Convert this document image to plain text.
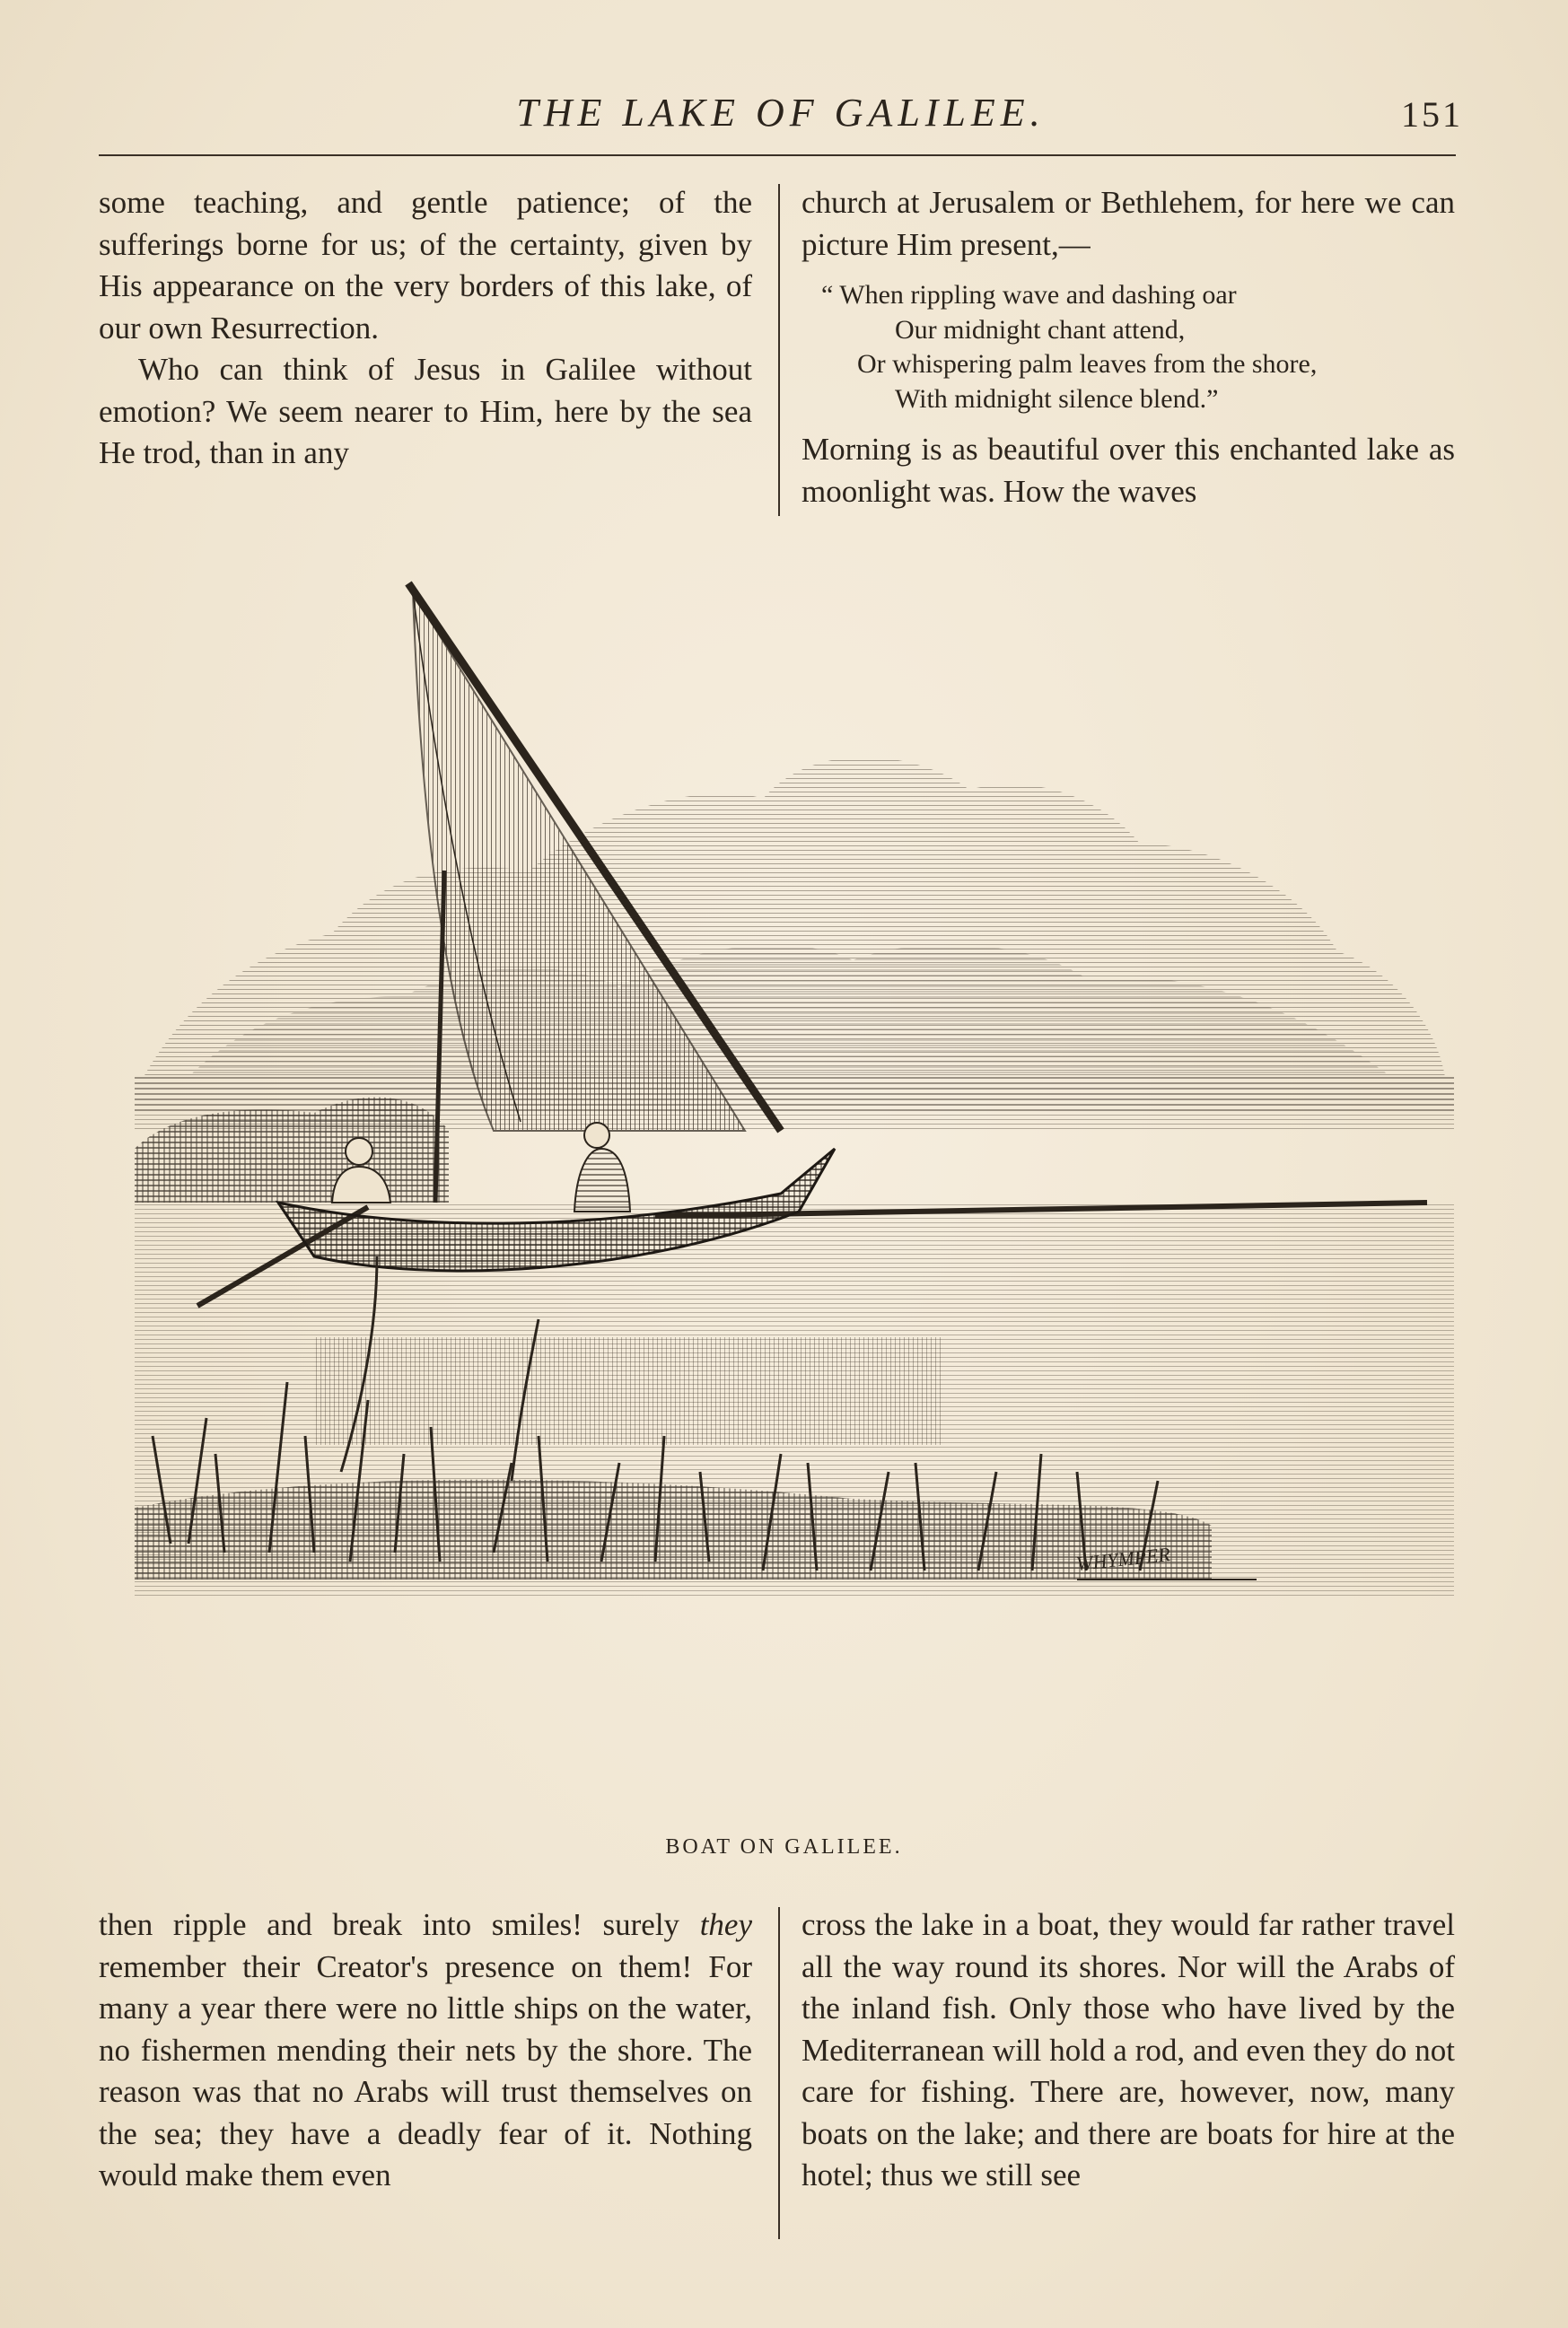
THE LAKE OF GALILEE.	151

some teaching, and gentle patience; of the sufferings borne for us; of the certainty, given by His appearance on the very borders of this lake, of our own Resurrection.

Who can think of Jesus in Galilee without emotion? We seem nearer to Him, here by the sea He trod, than in any

church at Jerusalem or Bethlehem, for here we can picture Him present,—

“ When rippling wave and dashing oar
Our midnight chant attend,
Or whispering palm leaves from the shore,
With midnight silence blend.”

Morning is as beautiful over this enchanted lake as moonlight was. How the waves

WHYMPER
BOAT ON GALILEE.

then ripple and break into smiles! surely they remember their Creator's presence on them! For many a year there were no little ships on the water, no fishermen mending their nets by the shore. The reason was that no Arabs will trust themselves on the sea; they have a deadly fear of it. Nothing would make them even

cross the lake in a boat, they would far rather travel all the way round its shores. Nor will the Arabs of the inland fish. Only those who have lived by the Mediterranean will hold a rod, and even they do not care for fishing. There are, however, now, many boats on the lake; and there are boats for hire at the hotel; thus we still see
